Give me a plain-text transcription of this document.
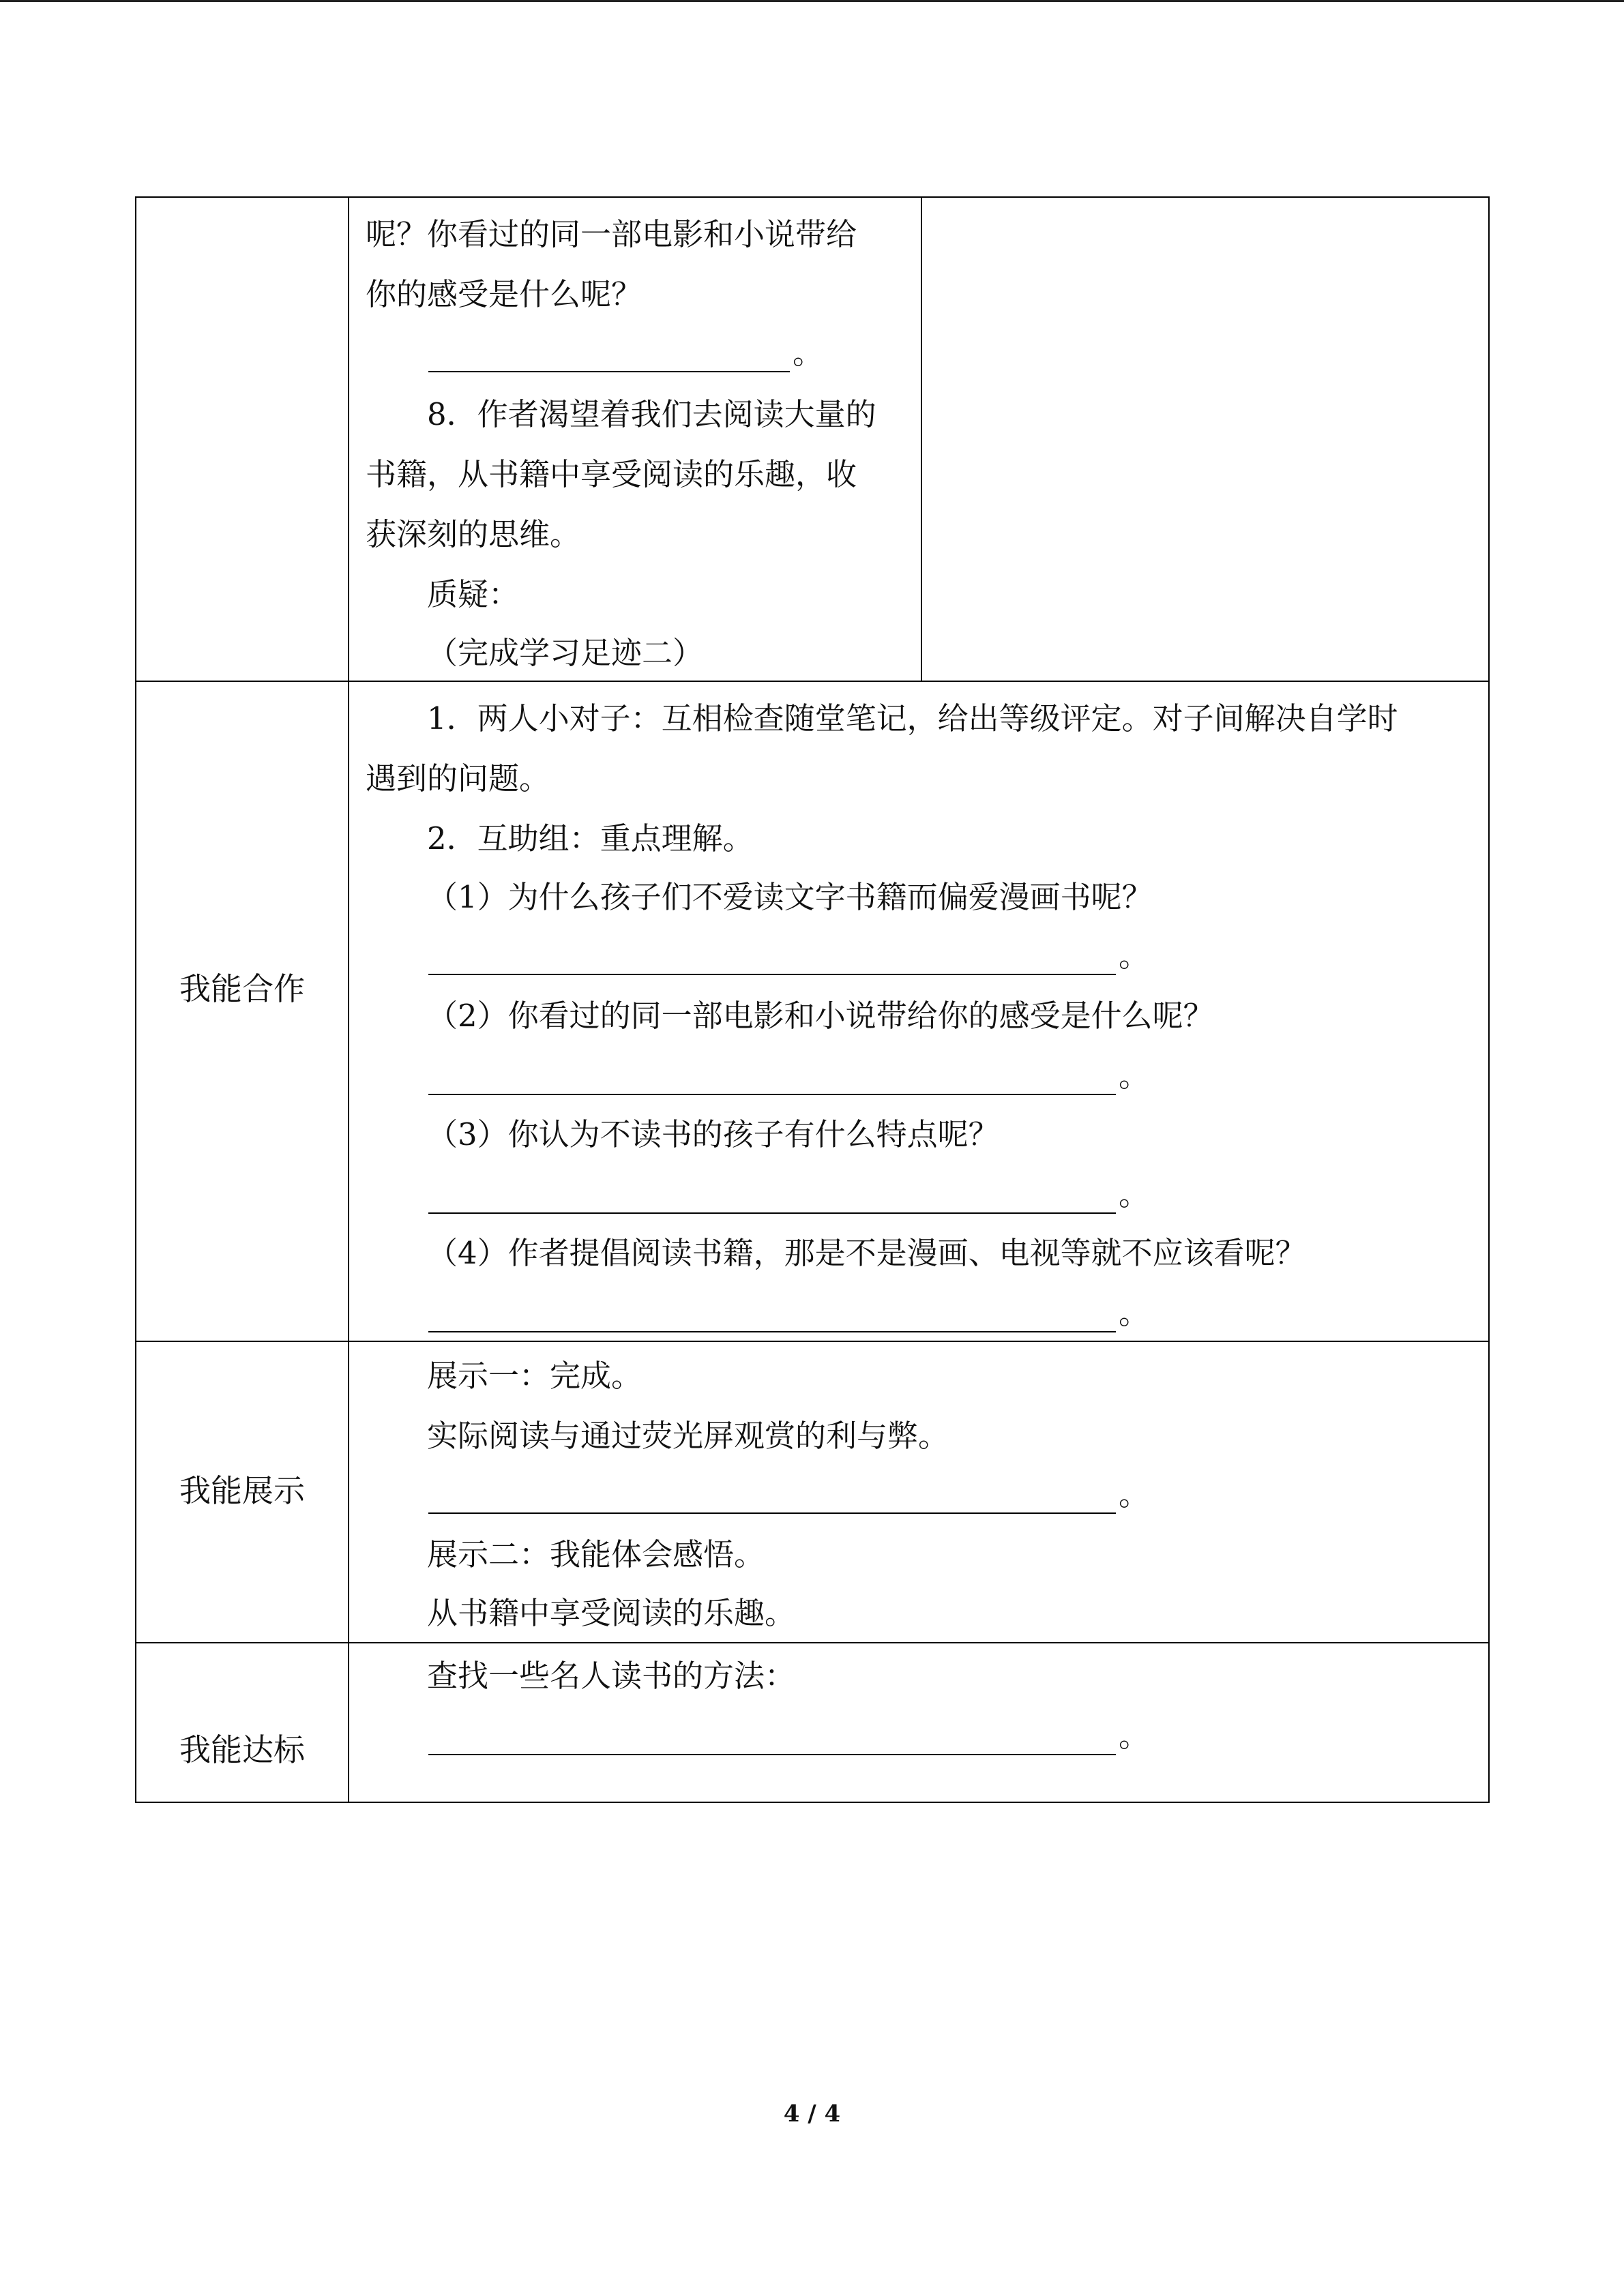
呢？你看过的同一部电影和小说带给
你的感受是什么呢？
。
8．作者渴望着我们去阅读大量的
书籍，从书籍中享受阅读的乐趣，收
获深刻的思维。
质疑：
（完成学习足迹二）
我能合作
1．两人小对子：互相检查随堂笔记，给出等级评定。对子间解决自学时
遇到的问题。
2．互助组：重点理解。
（1）为什么孩子们不爱读文字书籍而偏爱漫画书呢？
。
（2）你看过的同一部电影和小说带给你的感受是什么呢？
。
（3）你认为不读书的孩子有什么特点呢？
。
（4）作者提倡阅读书籍，那是不是漫画、电视等就不应该看呢？
。
我能展示
展示一：完成。
实际阅读与通过荧光屏观赏的利与弊。
。
展示二：我能体会感悟。
从书籍中享受阅读的乐趣。
我能达标
查找一些名人读书的方法：
。
4 / 4
